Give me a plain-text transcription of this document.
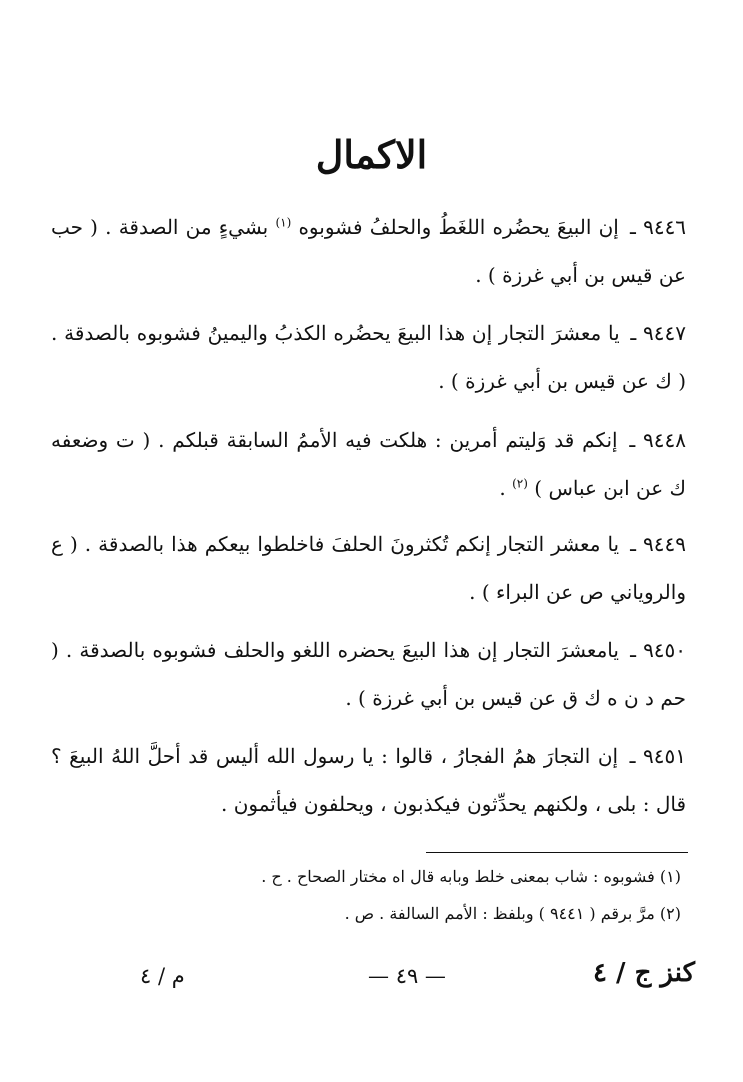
الاكمال
٩٤٤٦ ـ إن البيعَ يحضُره اللغَطُ والحلفُ فشوبوه $^{(١)}$ بشيءٍ من الصدقة . ( حب عن قيس بن أبي غرزة ) .
٩٤٤٧ ـ يا معشرَ التجار إن هذا البيعَ يحضُره الكذبُ واليمينُ فشوبوه بالصدقة . ( ك عن قيس بن أبي غرزة ) .
٩٤٤٨ ـ إنكم قد وَليتم أمرين : هلكت فيه الأممُ السابقة قبلكم . ( ت وضعفه ك عن ابن عباس ) $^{(٢)}$ .
٩٤٤٩ ـ يا معشر التجار إنكم تُكثرونَ الحلفَ فاخلطوا بيعكم هذا بالصدقة . ( ع والروياني ص عن البراء ) .
٩٤٥٠ ـ يامعشرَ التجار إن هذا البيعَ يحضره اللغو والحلف فشوبوه بالصدقة . ( حم د ن ه ك ق عن قيس بن أبي غرزة ) .
٩٤٥١ ـ إن التجارَ همُ الفجارُ ، قالوا : يا رسول الله أليس قد أحلَّ اللهُ البيعَ ؟ قال : بلى ، ولكنهم يحدِّثون فيكذبون ، ويحلفون فيأثمون .
(١) فشوبوه : شاب بمعنى خلط وبابه قال اه مختار الصحاح . ح .
(٢) مرَّ برقم ( ٩٤٤١ ) وبلفظ : الأمم السالفة . ص .
م / ٤	— ٤٩ —	كنز ج / ٤
